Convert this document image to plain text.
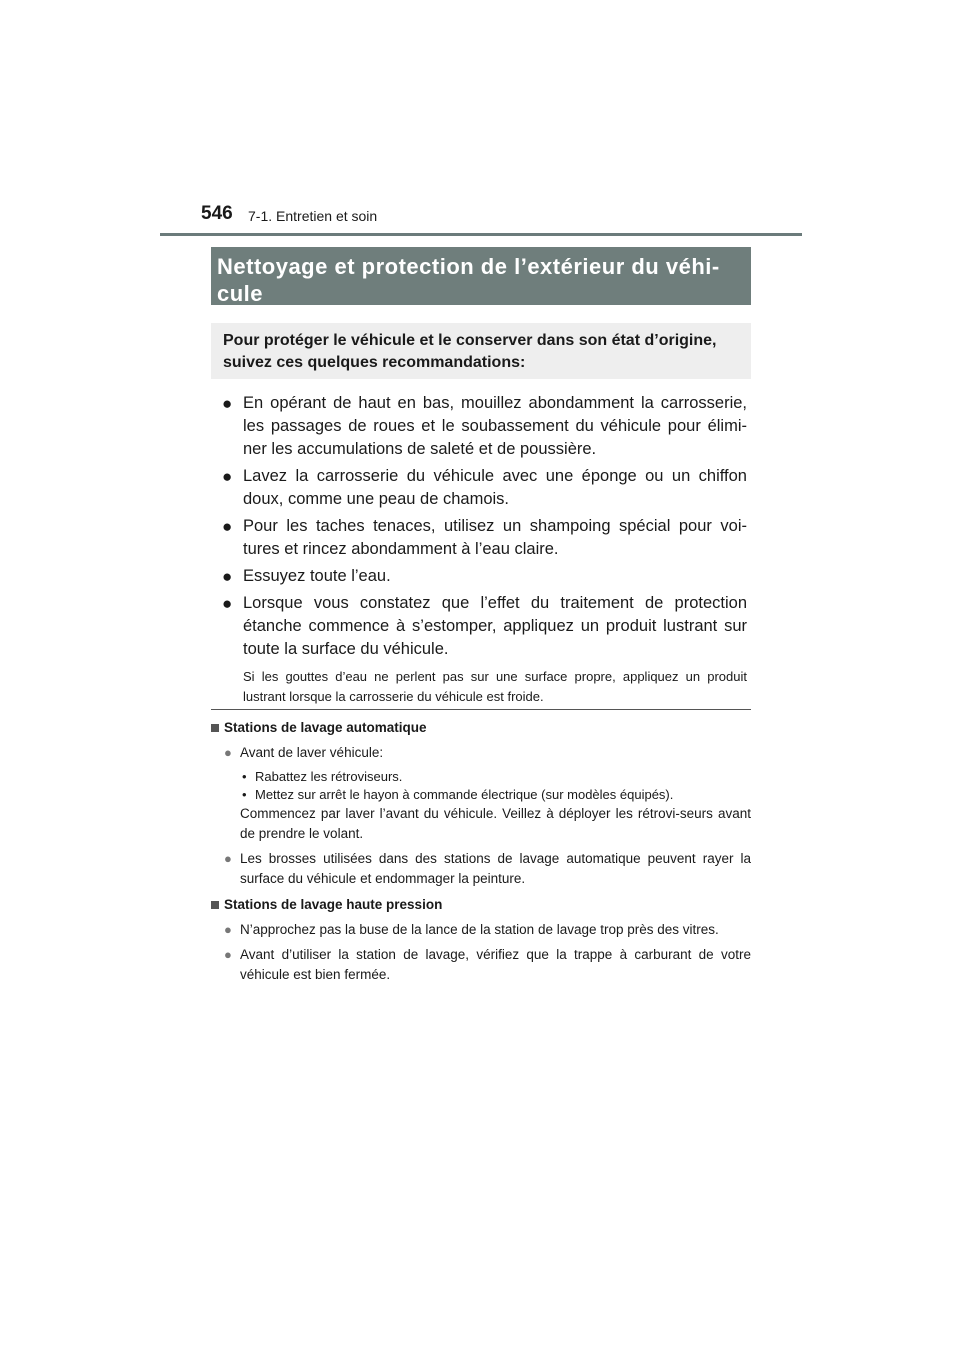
546 7-1. Entretien et soin
Nettoyage et protection de l’extérieur du véhi-cule
Pour protéger le véhicule et le conserver dans son état d’origine, suivez ces quelques recommandations:
● En opérant de haut en bas, mouillez abondamment la carrosserie, les passages de roues et le soubassement du véhicule pour élimi-ner les accumulations de saleté et de poussière.
● Lavez la carrosserie du véhicule avec une éponge ou un chiffon doux, comme une peau de chamois.
● Pour les taches tenaces, utilisez un shampoing spécial pour voi-tures et rincez abondamment à l’eau claire.
● Essuyez toute l’eau.
● Lorsque vous constatez que l’effet du traitement de protection étanche commence à s’estomper, appliquez un produit lustrant sur toute la surface du véhicule.
Si les gouttes d’eau ne perlent pas sur une surface propre, appliquez un produit lustrant lorsque la carrosserie du véhicule est froide.
Stations de lavage automatique
● Avant de laver véhicule:
• Rabattez les rétroviseurs.
• Mettez sur arrêt le hayon à commande électrique (sur modèles équipés).
Commencez par laver l’avant du véhicule. Veillez à déployer les rétrovi-seurs avant de prendre le volant.
● Les brosses utilisées dans des stations de lavage automatique peuvent rayer la surface du véhicule et endommager la peinture.
Stations de lavage haute pression
● N’approchez pas la buse de la lance de la station de lavage trop près des vitres.
● Avant d’utiliser la station de lavage, vérifiez que la trappe à carburant de votre véhicule est bien fermée.
